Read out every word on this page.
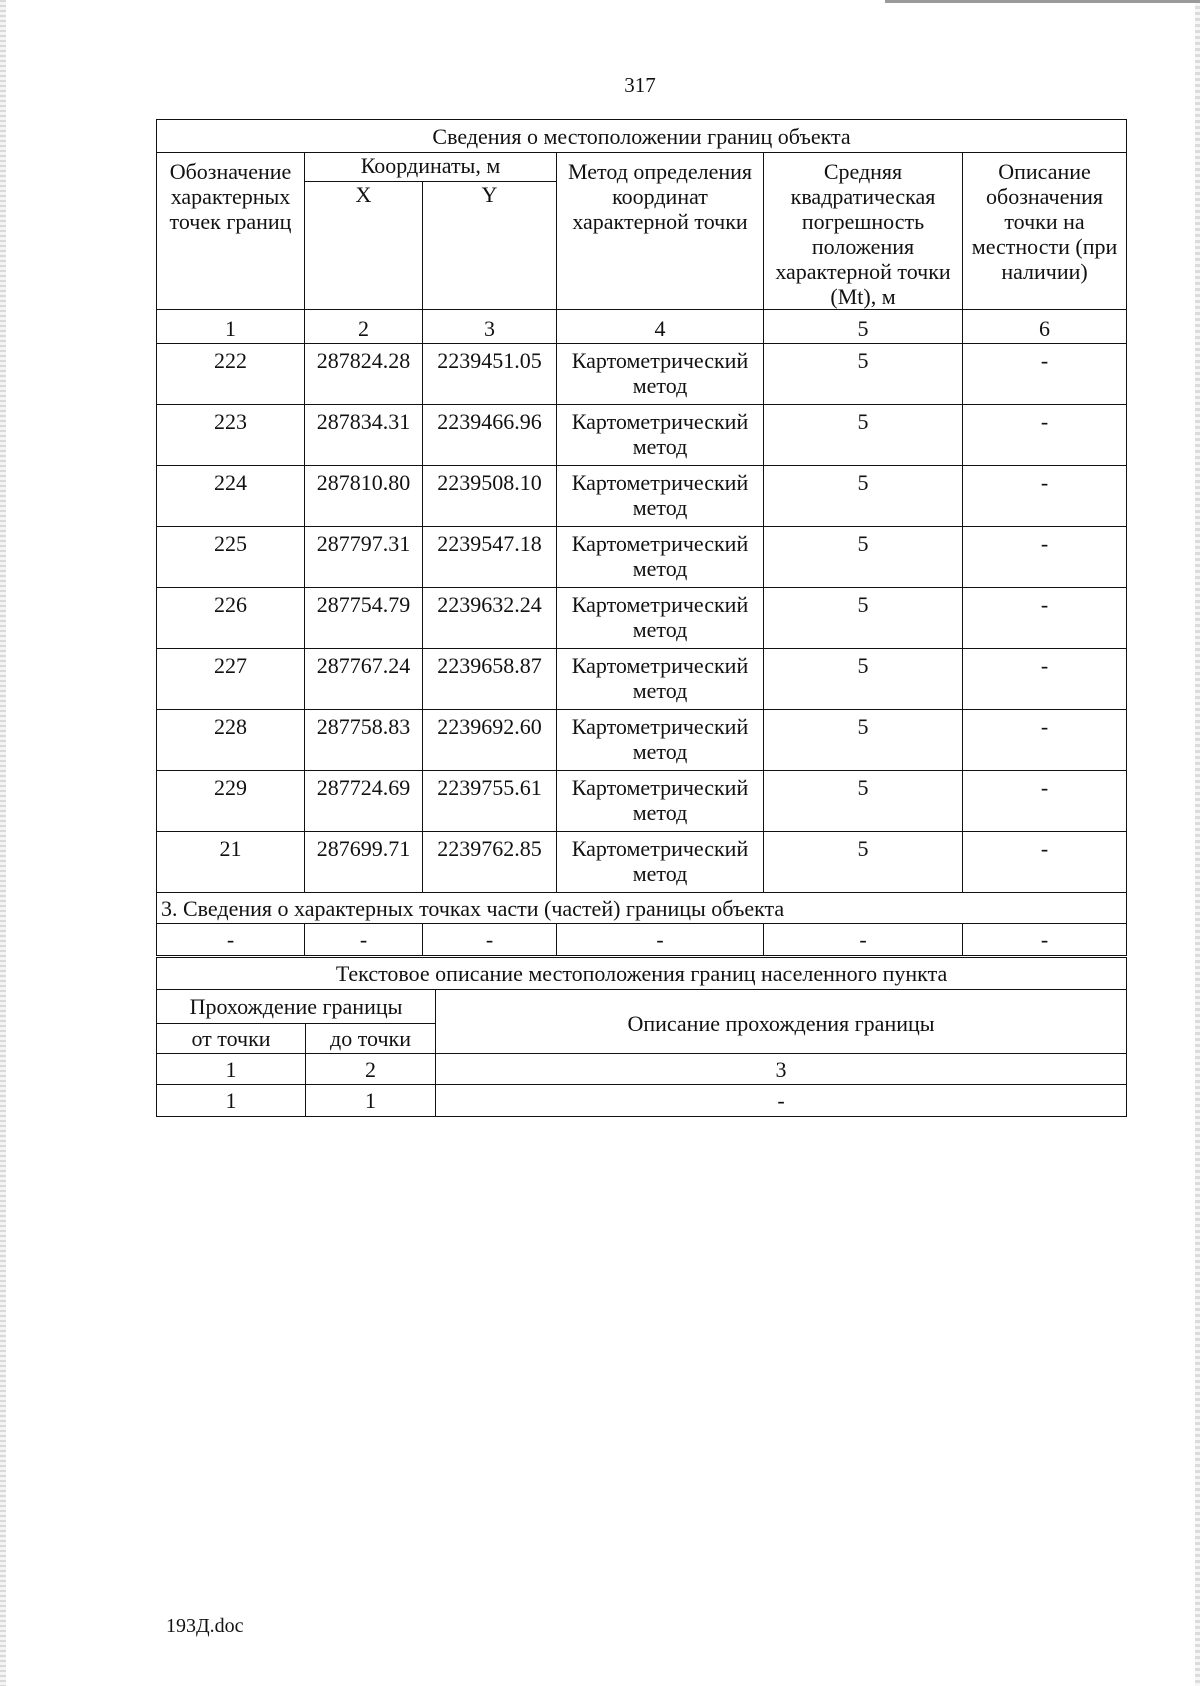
317
Сведения о местоположении границ объекта					
Обозначение характерных точек границ	Координаты, м		Метод определения координат характерной точки	Средняя квадратическая погрешность положения характерной точки (Mt), м	Описание обозначения точки на местности (при наличии)
	X	Y			
1	2	3	4	5	6
222	287824.28	2239451.05	Картометрический метод	5	-
223	287834.31	2239466.96	Картометрический метод	5	-
224	287810.80	2239508.10	Картометрический метод	5	-
225	287797.31	2239547.18	Картометрический метод	5	-
226	287754.79	2239632.24	Картометрический метод	5	-
227	287767.24	2239658.87	Картометрический метод	5	-
228	287758.83	2239692.60	Картометрический метод	5	-
229	287724.69	2239755.61	Картометрический метод	5	-
21	287699.71	2239762.85	Картометрический метод	5	-
3. Сведения о характерных точках части (частей) границы объекта					
-	-	-	-	-	-
Текстовое описание местоположения границ населенного пункта		
Прохождение границы		Описание прохождения границы
от точки	до точки	
1	2	3
1	1	-
193Д.doc
